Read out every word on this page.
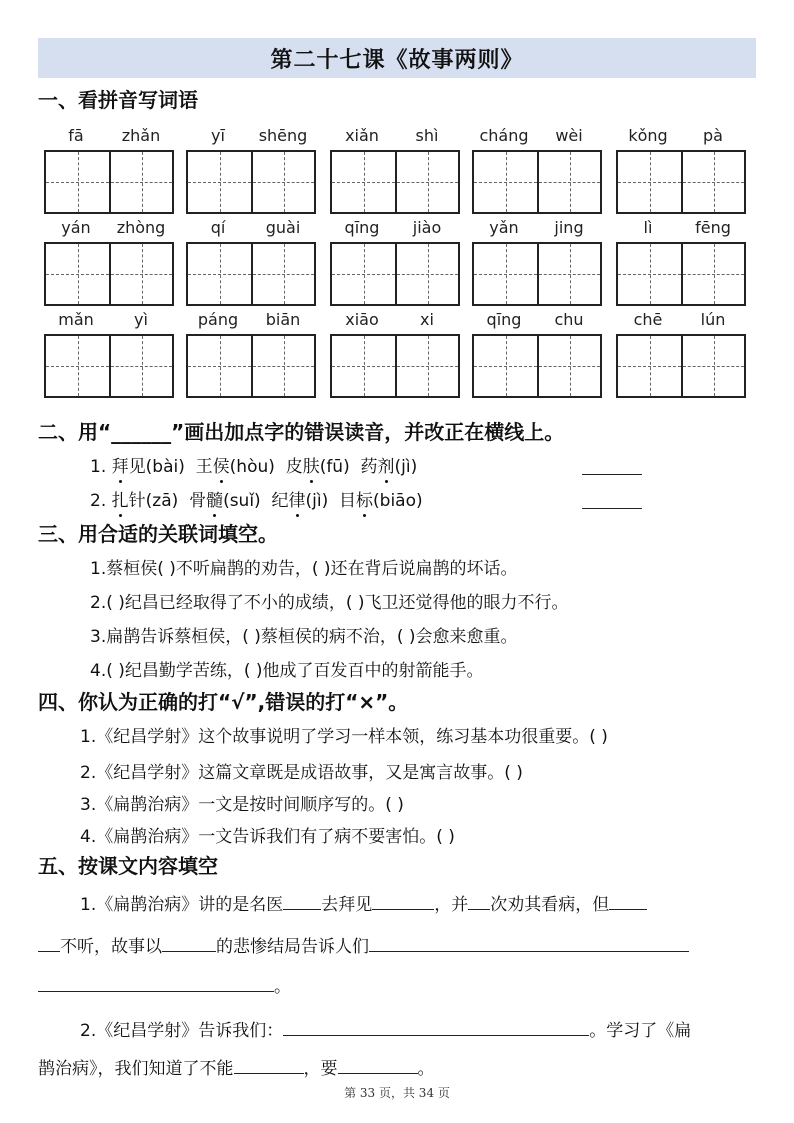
第二十七课《故事两则》
一、看拼音写词语
fā	zhǎn	yī	shēng	xiǎn	shì	cháng	wèi	kǒng	pà
yán	zhòng	qí	guài	qīng	jiào	yǎn	jing	lì	fēng
mǎn	yì	páng	biān	xiāo	xi	qīng	chu	chē	lún
二、用“______”画出加点字的错误读音，并改正在横线上。
1. 拜见(bài) 王侯(hòu) 皮肤(fū) 药剂(jì)
2. 扎针(zā) 骨髓(suǐ) 纪律(jì) 目标(biāo)
三、用合适的关联词填空。
1.蔡桓侯( )不听扁鹊的劝告，( )还在背后说扁鹊的坏话。
2.( )纪昌已经取得了不小的成绩，( )飞卫还觉得他的眼力不行。
3.扁鹊告诉蔡桓侯，( )蔡桓侯的病不治，( )会愈来愈重。
4.( )纪昌勤学苦练，( )他成了百发百中的射箭能手。
四、你认为正确的打“√”,错误的打“×”。
1.《纪昌学射》这个故事说明了学习一样本领，练习基本功很重要。( )
2.《纪昌学射》这篇文章既是成语故事，又是寓言故事。( )
3.《扁鹊治病》一文是按时间顺序写的。( )
4.《扁鹊治病》一文告诉我们有了病不要害怕。( )
五、按课文内容填空
1.《扁鹊治病》讲的是名医 去拜见	，并 次劝其看病，但
不听，故事以	的悲惨结局告诉人们
。
2.《纪昌学射》告诉我们：	。学习了《扁
鹊治病》，我们知道了不能	，要	。
第 33 页，共 34 页
